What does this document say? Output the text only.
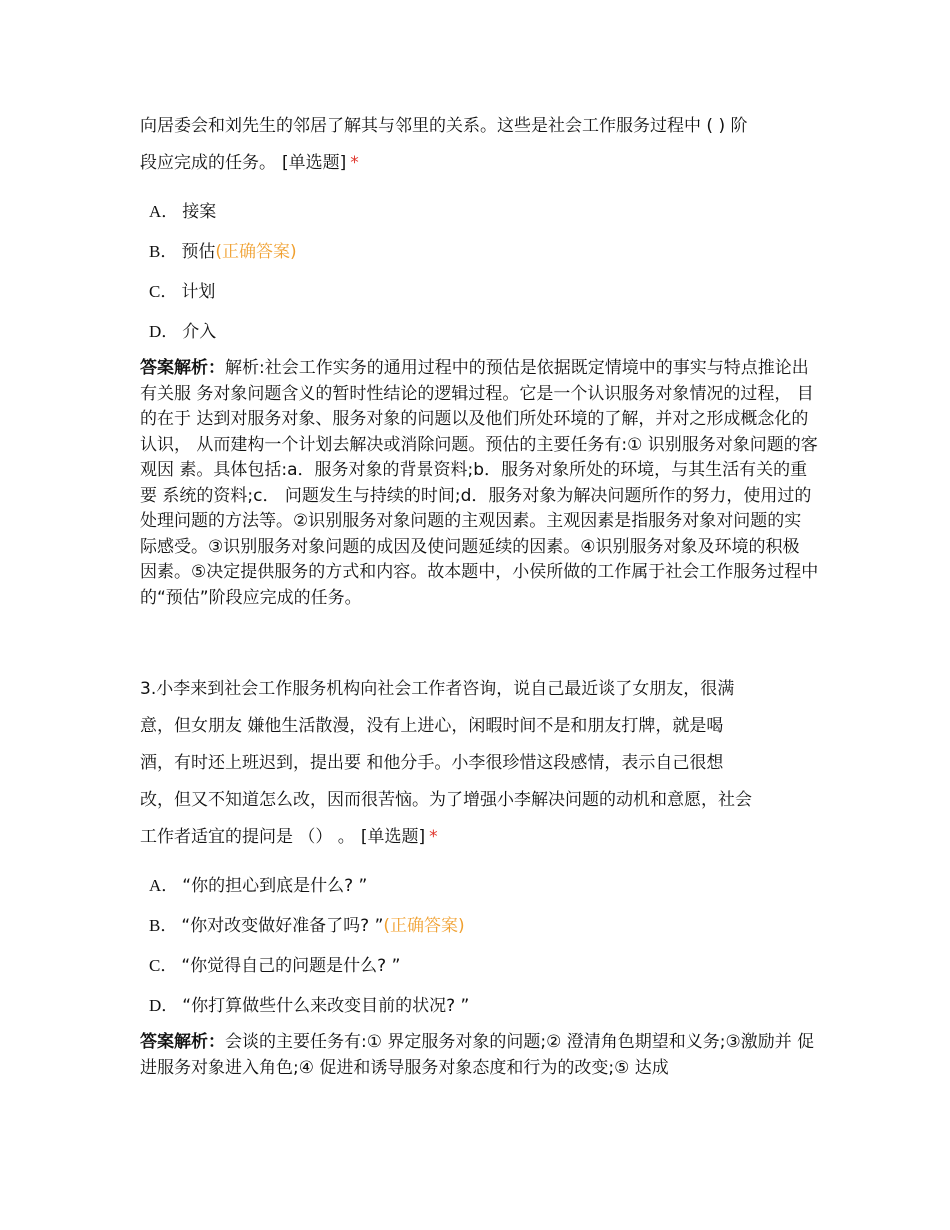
向居委会和刘先生的邻居了解其与邻里的关系。这些是社会工作服务过程中 ( ) 阶
段应完成的任务。 [单选题] *

A． 接案
B． 预估(正确答案)
C． 计划
D． 介入

答案解析：解析:社会工作实务的通用过程中的预估是依据既定情境中的事实与特点推论出有关服 务对象问题含义的暂时性结论的逻辑过程。它是一个认识服务对象情况的过程， 目的在于 达到对服务对象、服务对象的问题以及他们所处环境的了解，并对之形成概念化的认识， 从而建构一个计划去解决或消除问题。预估的主要任务有:① 识别服务对象问题的客观因 素。具体包括:a．服务对象的背景资料;b．服务对象所处的环境，与其生活有关的重要 系统的资料;c． 问题发生与持续的时间;d．服务对象为解决问题所作的努力，使用过的 处理问题的方法等。②识别服务对象问题的主观因素。主观因素是指服务对象对问题的实 际感受。③识别服务对象问题的成因及使问题延续的因素。④识别服务对象及环境的积极 因素。⑤决定提供服务的方式和内容。故本题中，小侯所做的工作属于社会工作服务过程中的“预估”阶段应完成的任务。

3.小李来到社会工作服务机构向社会工作者咨询，说自己最近谈了女朋友，很满
意，但女朋友 嫌他生活散漫，没有上进心，闲暇时间不是和朋友打牌，就是喝
酒，有时还上班迟到，提出要 和他分手。小李很珍惜这段感情，表示自己很想
改，但又不知道怎么改，因而很苦恼。为了增强小李解决问题的动机和意愿，社会
工作者适宜的提问是 （） 。 [单选题] *

A． “你的担心到底是什么? ”
B． “你对改变做好准备了吗? ”(正确答案)
C． “你觉得自己的问题是什么? ”
D． “你打算做些什么来改变目前的状况? ”

答案解析：会谈的主要任务有:① 界定服务对象的问题;② 澄清角色期望和义务;③激励并 促进服务对象进入角色;④ 促进和诱导服务对象态度和行为的改变;⑤ 达成
